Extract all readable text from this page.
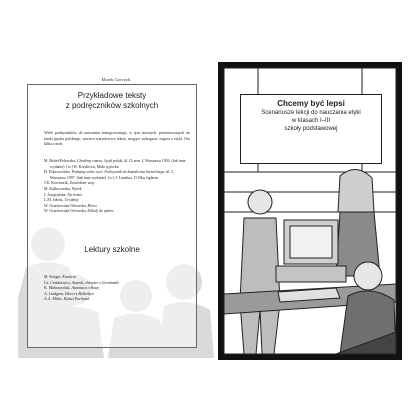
Marek Gorczyk
Przykładowe teksty
z podręczników szkolnych
Wiele podręczników do nauczania zintegrowanego, w tym starszych, prezentowanych do nauki języka polskiego, zawiera wartościowe teksty, mogące wzbogacić zajęcia z etyki. Oto kilka z nich:
M. Bobeł-Pelowska, Chodźmy razem. Język polski, kl. II, sem. I, Warszawa 1993. (lub inne wydanie). [w:] H. Krzykowa, Mała ryjówka
H. Dobrowolska, Podajmy sobie ręce. Podręcznik do kształcenia literackiego, kl. I, Warszawa 1997. (lub inne wydanie). [w:] J. Landsza, O Ulku figlarzu
J.K. Kowlarzik, Zawiedzier sosy
M. Kulkowieska, Wyrok
J. Świętyńska, Na boisie
L.M. Jałosk, Urodziny
W. Osuchowska-Orłowska, Klovo
W. Osuchowska-Orłowska, Zółcdy do zębów
Lektury szkolne
M. Krüger, Karolcia
Cz. Centkiewicz, Anaruk, chłopiec z Grenlandii
K. Makuszyński, Awantura o Basię
A. Lindgren, Dzieci z Bullerbyn
A.A. Milne, Kubuś Puchatek
Chcemy być lepsi
Scenariusze lekcji do nauczania etyki
w klasach I–III
szkoły podstawowej
